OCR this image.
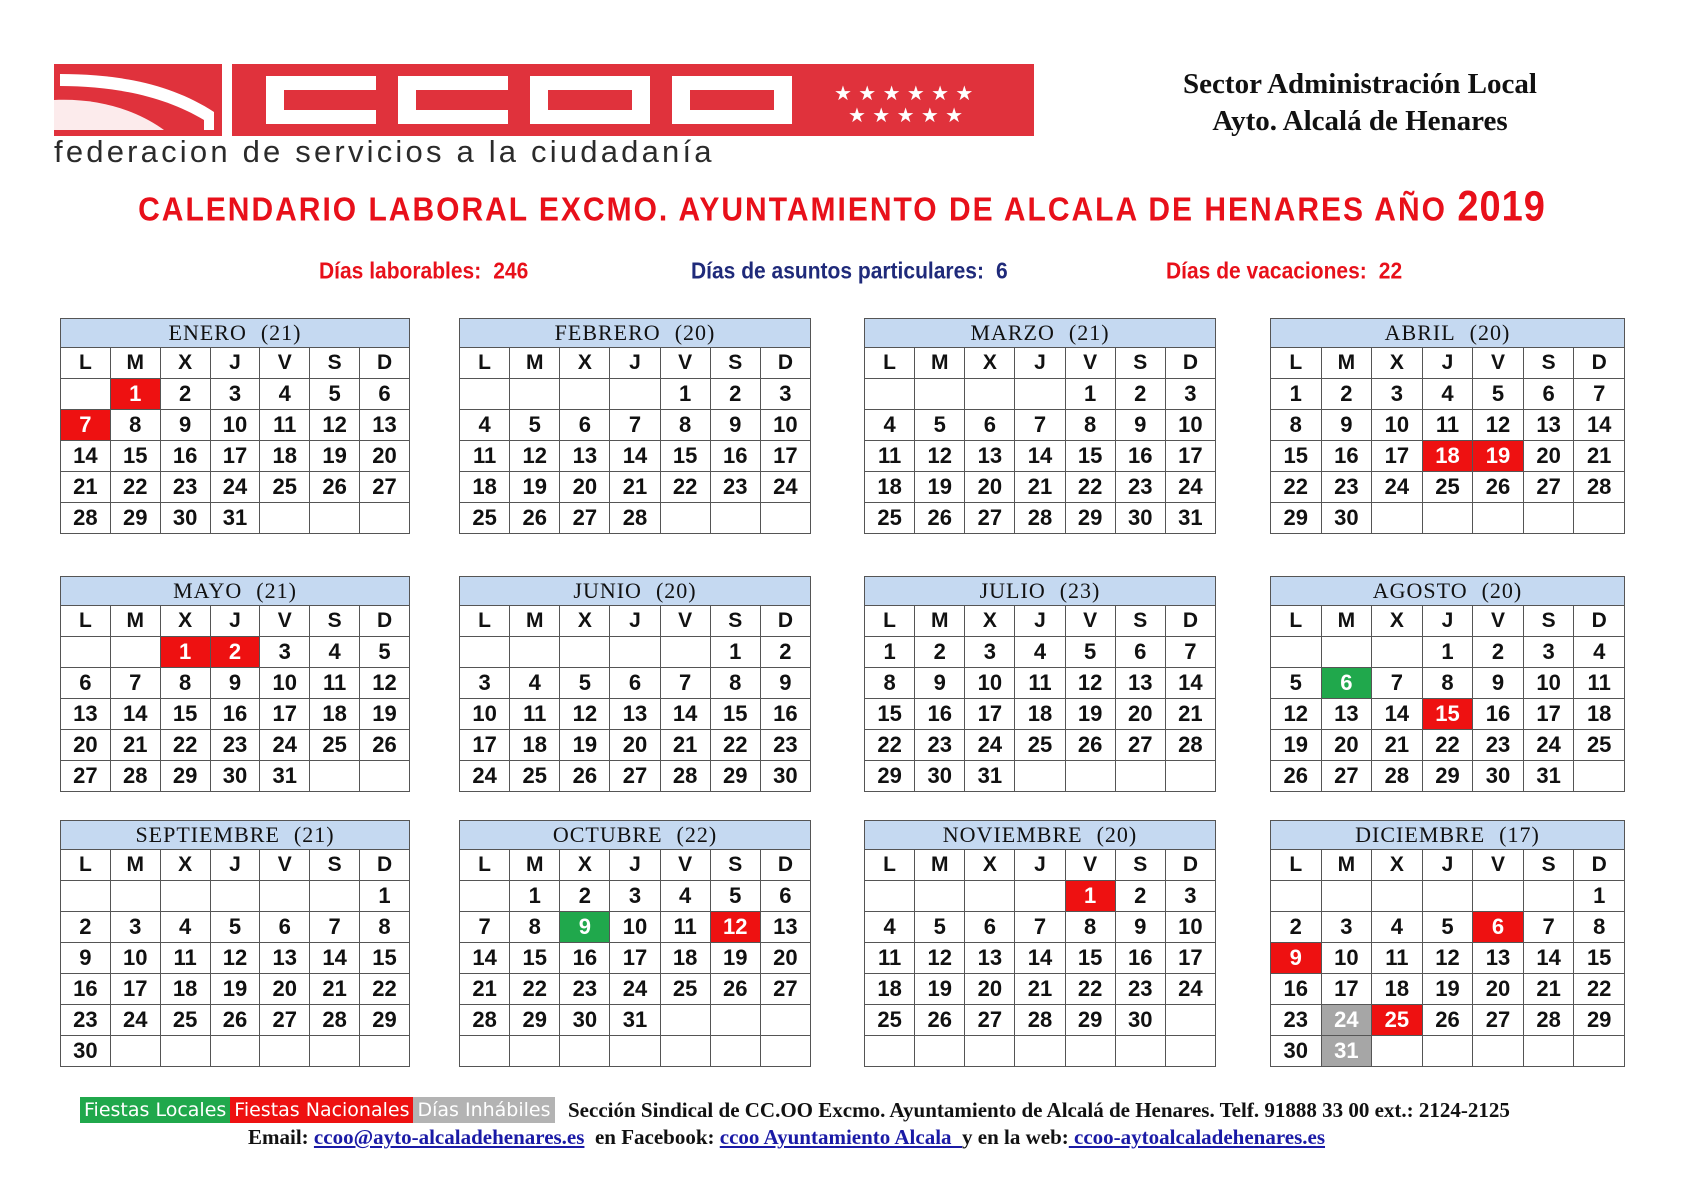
★ ★ ★ ★ ★ ★
★ ★ ★ ★ ★
federacion de servicios a la ciudadanía
Sector Administración Local
Ayto. Alcalá de Henares
CALENDARIO LABORAL EXCMO. AYUNTAMIENTO DE ALCALA DE HENARES AÑO 2019
Días laborables: 246	Días de asuntos particulares: 6	Días de vacaciones: 22
ENERO (21)						
L	M	X	J	V	S	D
	1	2	3	4	5	6
7	8	9	10	11	12	13
14	15	16	17	18	19	20
21	22	23	24	25	26	27
28	29	30	31			
FEBRERO (20)						
L	M	X	J	V	S	D
				1	2	3
4	5	6	7	8	9	10
11	12	13	14	15	16	17
18	19	20	21	22	23	24
25	26	27	28			
MARZO (21)						
L	M	X	J	V	S	D
				1	2	3
4	5	6	7	8	9	10
11	12	13	14	15	16	17
18	19	20	21	22	23	24
25	26	27	28	29	30	31
ABRIL (20)						
L	M	X	J	V	S	D
1	2	3	4	5	6	7
8	9	10	11	12	13	14
15	16	17	18	19	20	21
22	23	24	25	26	27	28
29	30					
MAYO (21)						
L	M	X	J	V	S	D
		1	2	3	4	5
6	7	8	9	10	11	12
13	14	15	16	17	18	19
20	21	22	23	24	25	26
27	28	29	30	31		
JUNIO (20)						
L	M	X	J	V	S	D
					1	2
3	4	5	6	7	8	9
10	11	12	13	14	15	16
17	18	19	20	21	22	23
24	25	26	27	28	29	30
JULIO (23)						
L	M	X	J	V	S	D
1	2	3	4	5	6	7
8	9	10	11	12	13	14
15	16	17	18	19	20	21
22	23	24	25	26	27	28
29	30	31				
AGOSTO (20)						
L	M	X	J	V	S	D
			1	2	3	4
5	6	7	8	9	10	11
12	13	14	15	16	17	18
19	20	21	22	23	24	25
26	27	28	29	30	31	
SEPTIEMBRE (21)						
L	M	X	J	V	S	D
						1
2	3	4	5	6	7	8
9	10	11	12	13	14	15
16	17	18	19	20	21	22
23	24	25	26	27	28	29
30						
OCTUBRE (22)						
L	M	X	J	V	S	D
	1	2	3	4	5	6
7	8	9	10	11	12	13
14	15	16	17	18	19	20
21	22	23	24	25	26	27
28	29	30	31			

NOVIEMBRE (20)						
L	M	X	J	V	S	D
				1	2	3
4	5	6	7	8	9	10
11	12	13	14	15	16	17
18	19	20	21	22	23	24
25	26	27	28	29	30	

DICIEMBRE (17)						
L	M	X	J	V	S	D
						1
2	3	4	5	6	7	8
9	10	11	12	13	14	15
16	17	18	19	20	21	22
23	24	25	26	27	28	29
30	31					
Fiestas Locales Fiestas Nacionales Días Inhábiles Sección Sindical de CC.OO Excmo. Ayuntamiento de Alcalá de Henares. Telf. 91888 33 00 ext.: 2124-2125
Email: ccoo@ayto-alcaladehenares.es  en Facebook: ccoo Ayuntamiento Alcala  y en la web: ccoo-aytoalcaladehenares.es
